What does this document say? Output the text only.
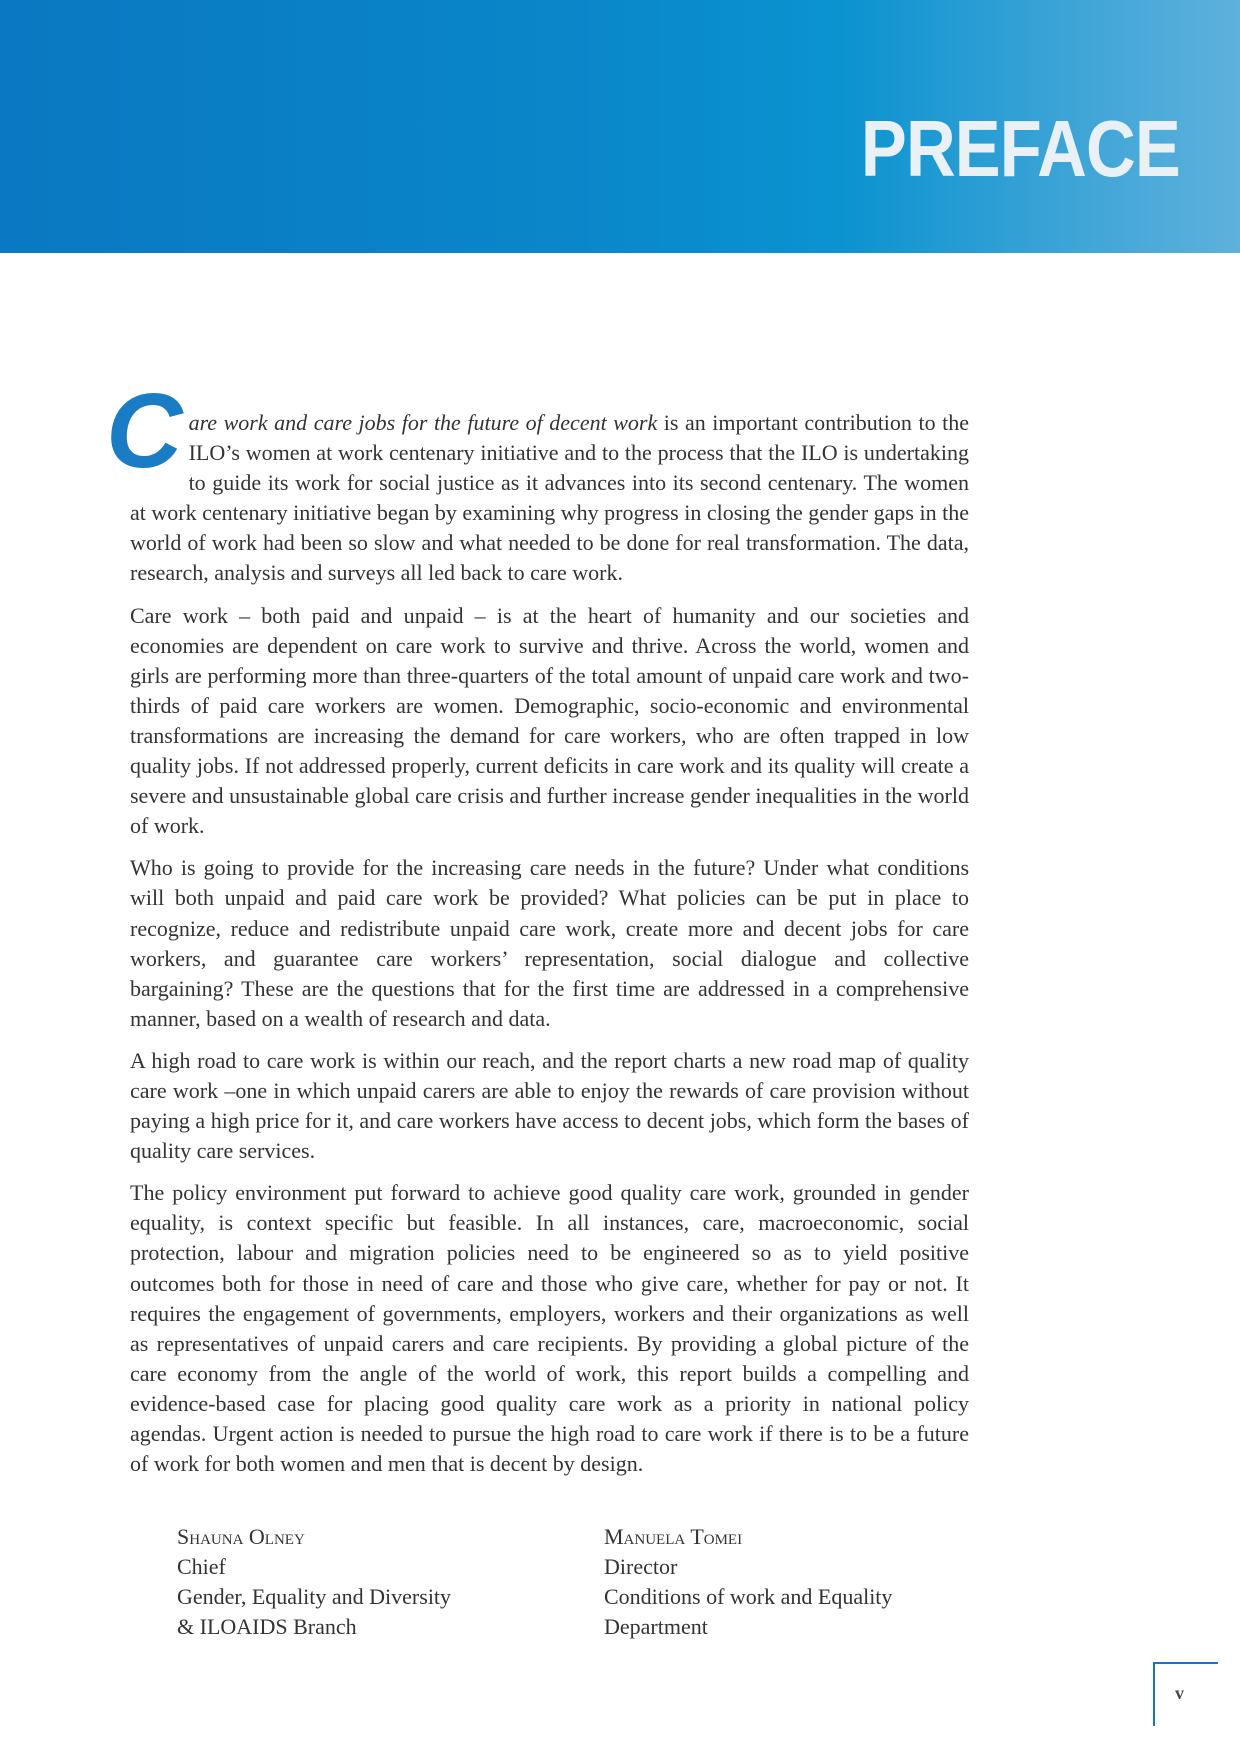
PREFACE

Care work and care jobs for the future of decent work is an important contribution to the ILO’s women at work centenary initiative and to the process that the ILO is undertaking to guide its work for social justice as it advances into its second centenary. The women at work centenary initiative began by examining why progress in closing the gender gaps in the world of work had been so slow and what needed to be done for real transformation. The data, research, analysis and surveys all led back to care work.

Care work – both paid and unpaid – is at the heart of humanity and our societies and economies are dependent on care work to survive and thrive. Across the world, women and girls are performing more than three-quarters of the total amount of unpaid care work and two-thirds of paid care workers are women. Demographic, socio-economic and environmental transformations are increasing the demand for care workers, who are often trapped in low quality jobs. If not addressed properly, current deficits in care work and its quality will create a severe and unsustainable global care crisis and further increase gender inequalities in the world of work.

Who is going to provide for the increasing care needs in the future? Under what conditions will both unpaid and paid care work be provided? What policies can be put in place to recognize, reduce and redistribute unpaid care work, create more and decent jobs for care workers, and guarantee care workers’ representation, social dialogue and collective bargaining? These are the questions that for the first time are addressed in a comprehensive manner, based on a wealth of research and data.

A high road to care work is within our reach, and the report charts a new road map of quality care work –one in which unpaid carers are able to enjoy the rewards of care provision without paying a high price for it, and care workers have access to decent jobs, which form the bases of quality care services.

The policy environment put forward to achieve good quality care work, grounded in gender equality, is context specific but feasible. In all instances, care, macroeconomic, social protection, labour and migration policies need to be engineered so as to yield positive outcomes both for those in need of care and those who give care, whether for pay or not. It requires the engagement of governments, employers, workers and their organizations as well as representatives of unpaid carers and care recipients. By providing a global picture of the care economy from the angle of the world of work, this report builds a compelling and evidence-based case for placing good quality care work as a priority in national policy agendas. Urgent action is needed to pursue the high road to care work if there is to be a future of work for both women and men that is decent by design.

Shauna Olney
Chief
Gender, Equality and Diversity
& ILOAIDS Branch
Manuela Tomei
Director
Conditions of work and Equality
Department
v
